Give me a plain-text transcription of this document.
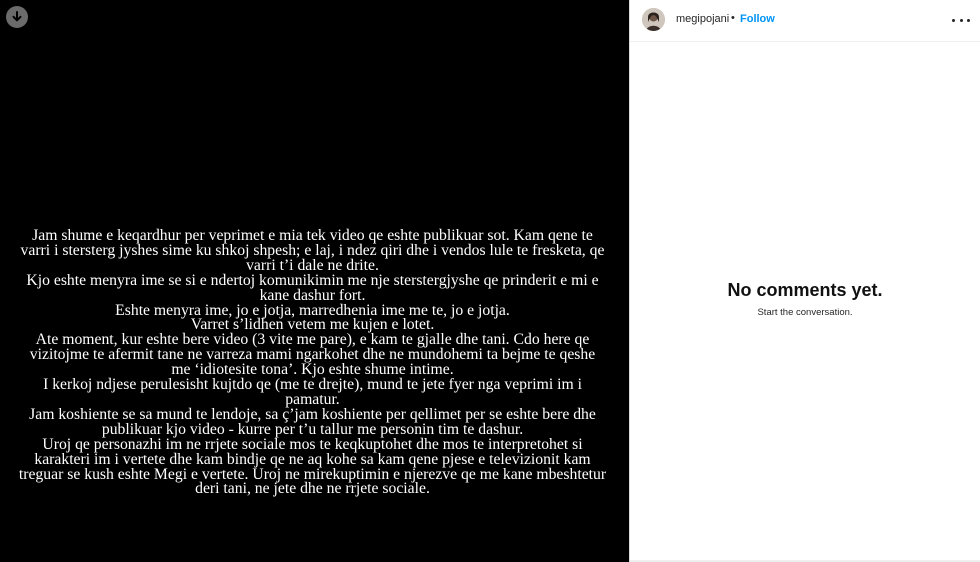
Jam shume e keqardhur per veprimet e mia tek video qe eshte publikuar sot. Kam qene te

varri i stersterg jyshes sime ku shkoj shpesh; e laj, i ndez qiri dhe i vendos lule te fresketa, qe

varri t’i dale ne drite.

Kjo eshte menyra ime se si e ndertoj komunikimin me nje sterstergjyshe qe prinderit e mi e

kane dashur fort.

Eshte menyra ime, jo e jotja, marredhenia ime me te, jo e jotja.

Varret s’lidhen vetem me kujen e lotet.

Ate moment, kur eshte bere video (3 vite me pare), e kam te gjalle dhe tani. Cdo here qe

vizitojme te afermit tane ne varreza mami ngarkohet dhe ne mundohemi ta bejme te qeshe

me ‘idiotesite tona’. Kjo eshte shume intime.

I kerkoj ndjese perulesisht kujtdo qe (me te drejte), mund te jete fyer nga veprimi im i

pamatur.

Jam koshiente se sa mund te lendoje, sa ç’jam koshiente per qellimet per se eshte bere dhe

publikuar kjo video - kurre per t’u tallur me personin tim te dashur.

Uroj qe personazhi im ne rrjete sociale mos te keqkuptohet dhe mos te interpretohet si

karakteri im i vertete dhe kam bindje qe ne aq kohe sa kam qene pjese e televizionit kam

treguar se kush eshte Megi e vertete. Uroj ne mirekuptimin e njerezve qe me kane mbeshtetur

deri tani, ne jete dhe ne rrjete sociale.

megipojani • Follow
No comments yet.
Start the conversation.
